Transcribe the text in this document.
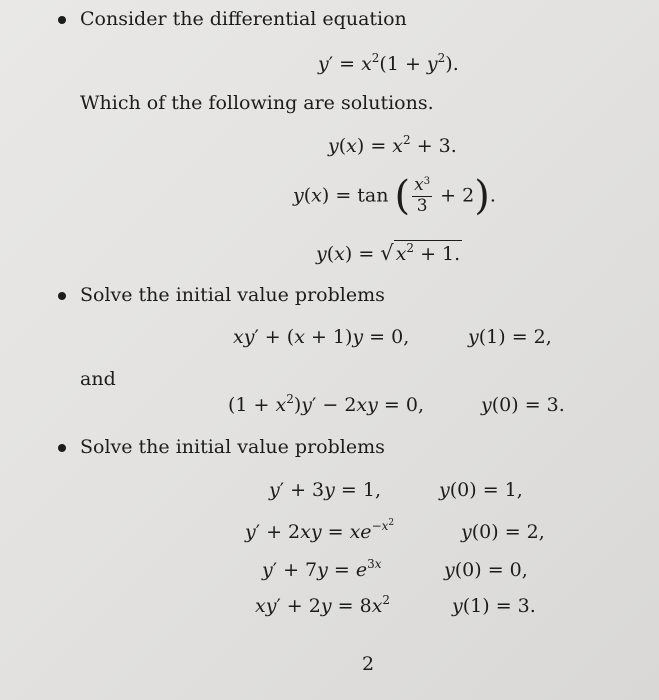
Consider the differential equation
$y' = x^2(1 + y^2)$.
Which of the following are solutions.
$y(x) = x^2 + 3$.
y(x) = tan ( $\frac{x^3}{3} + 2$).
y(x) = √ $x^2 + 1$.
Solve the initial value problems
xy′ + (x + 1)y = 0,	y(1) = 2,
and
$(1 + x^2)y' - 2xy = 0$,	y(0) = 3.
Solve the initial value problems
y′ + 3y = 1,	y(0) = 1,
$y' + 2xy = xe^{-x^2}$	y(0) = 2,
$y' + 7y = e^{3x}$	y(0) = 0,
$xy' + 2y = 8x^2$	y(1) = 3.
2
